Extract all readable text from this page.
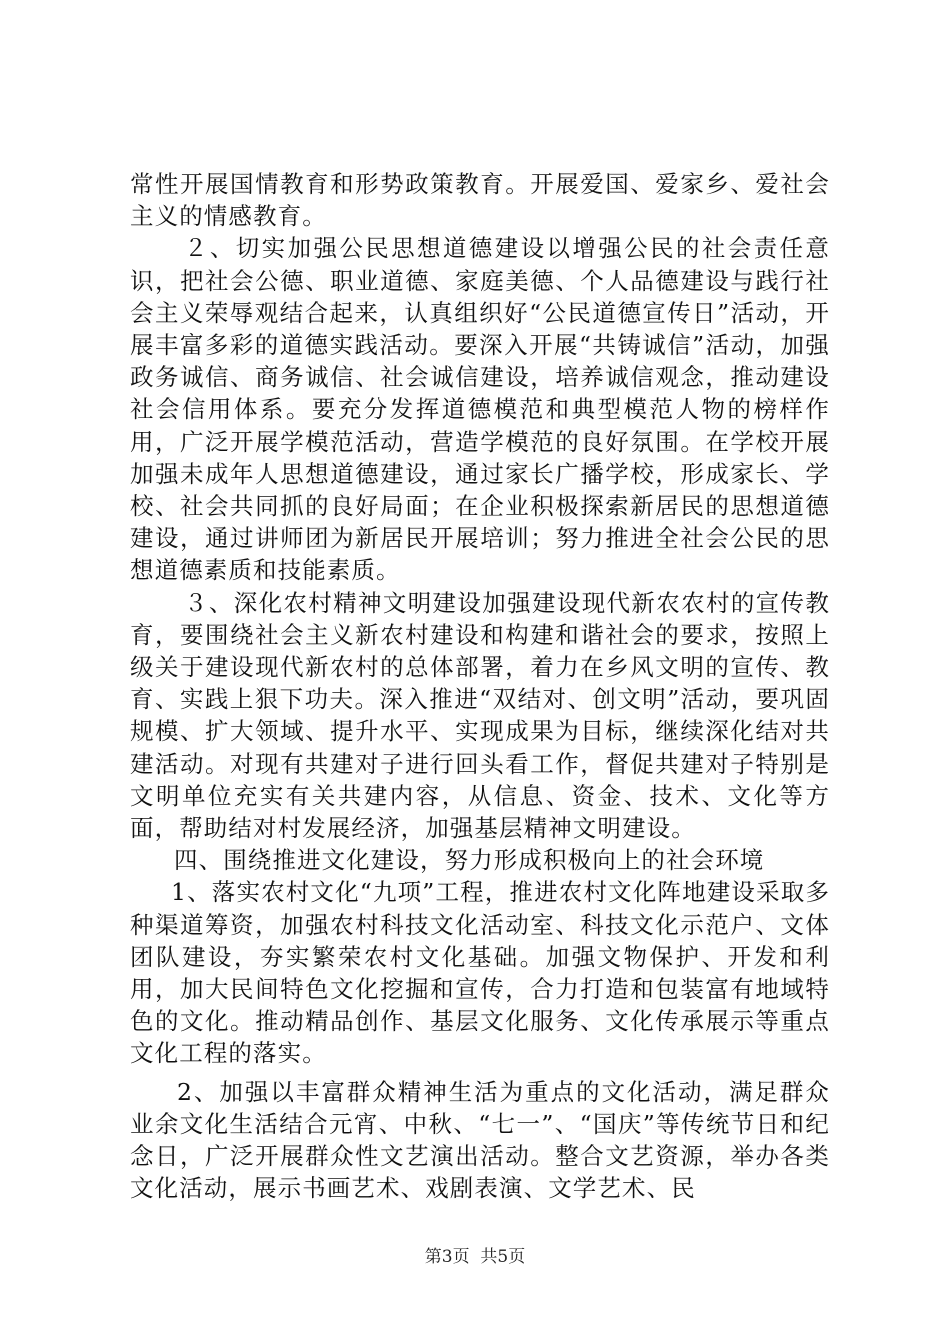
常性开展国情教育和形势政策教育。开展爱国、爱家乡、爱社会主义的情感教育。

２、切实加强公民思想道德建设以增强公民的社会责任意识，把社会公德、职业道德、家庭美德、个人品德建设与践行社会主义荣辱观结合起来，认真组织好“公民道德宣传日”活动，开展丰富多彩的道德实践活动。要深入开展“共铸诚信”活动，加强政务诚信、商务诚信、社会诚信建设，培养诚信观念，推动建设社会信用体系。要充分发挥道德模范和典型模范人物的榜样作用，广泛开展学模范活动，营造学模范的良好氛围。在学校开展加强未成年人思想道德建设，通过家长广播学校，形成家长、学校、社会共同抓的良好局面；在企业积极探索新居民的思想道德建设，通过讲师团为新居民开展培训；努力推进全社会公民的思想道德素质和技能素质。

３、深化农村精神文明建设加强建设现代新农农村的宣传教育，要围绕社会主义新农村建设和构建和谐社会的要求，按照上级关于建设现代新农村的总体部署，着力在乡风文明的宣传、教育、实践上狠下功夫。深入推进“双结对、创文明”活动，要巩固规模、扩大领域、提升水平、实现成果为目标，继续深化结对共建活动。对现有共建对子进行回头看工作，督促共建对子特别是文明单位充实有关共建内容，从信息、资金、技术、文化等方面，帮助结对村发展经济，加强基层精神文明建设。

四、围绕推进文化建设，努力形成积极向上的社会环境

1、落实农村文化“九项”工程，推进农村文化阵地建设采取多种渠道筹资，加强农村科技文化活动室、科技文化示范户、文体团队建设，夯实繁荣农村文化基础。加强文物保护、开发和利用，加大民间特色文化挖掘和宣传，合力打造和包装富有地域特色的文化。推动精品创作、基层文化服务、文化传承展示等重点文化工程的落实。

2、加强以丰富群众精神生活为重点的文化活动，满足群众业余文化生活结合元宵、中秋、“七一”、“国庆”等传统节日和纪念日，广泛开展群众性文艺演出活动。整合文艺资源，举办各类文化活动，展示书画艺术、戏剧表演、文学艺术、民

第3页 共5页
